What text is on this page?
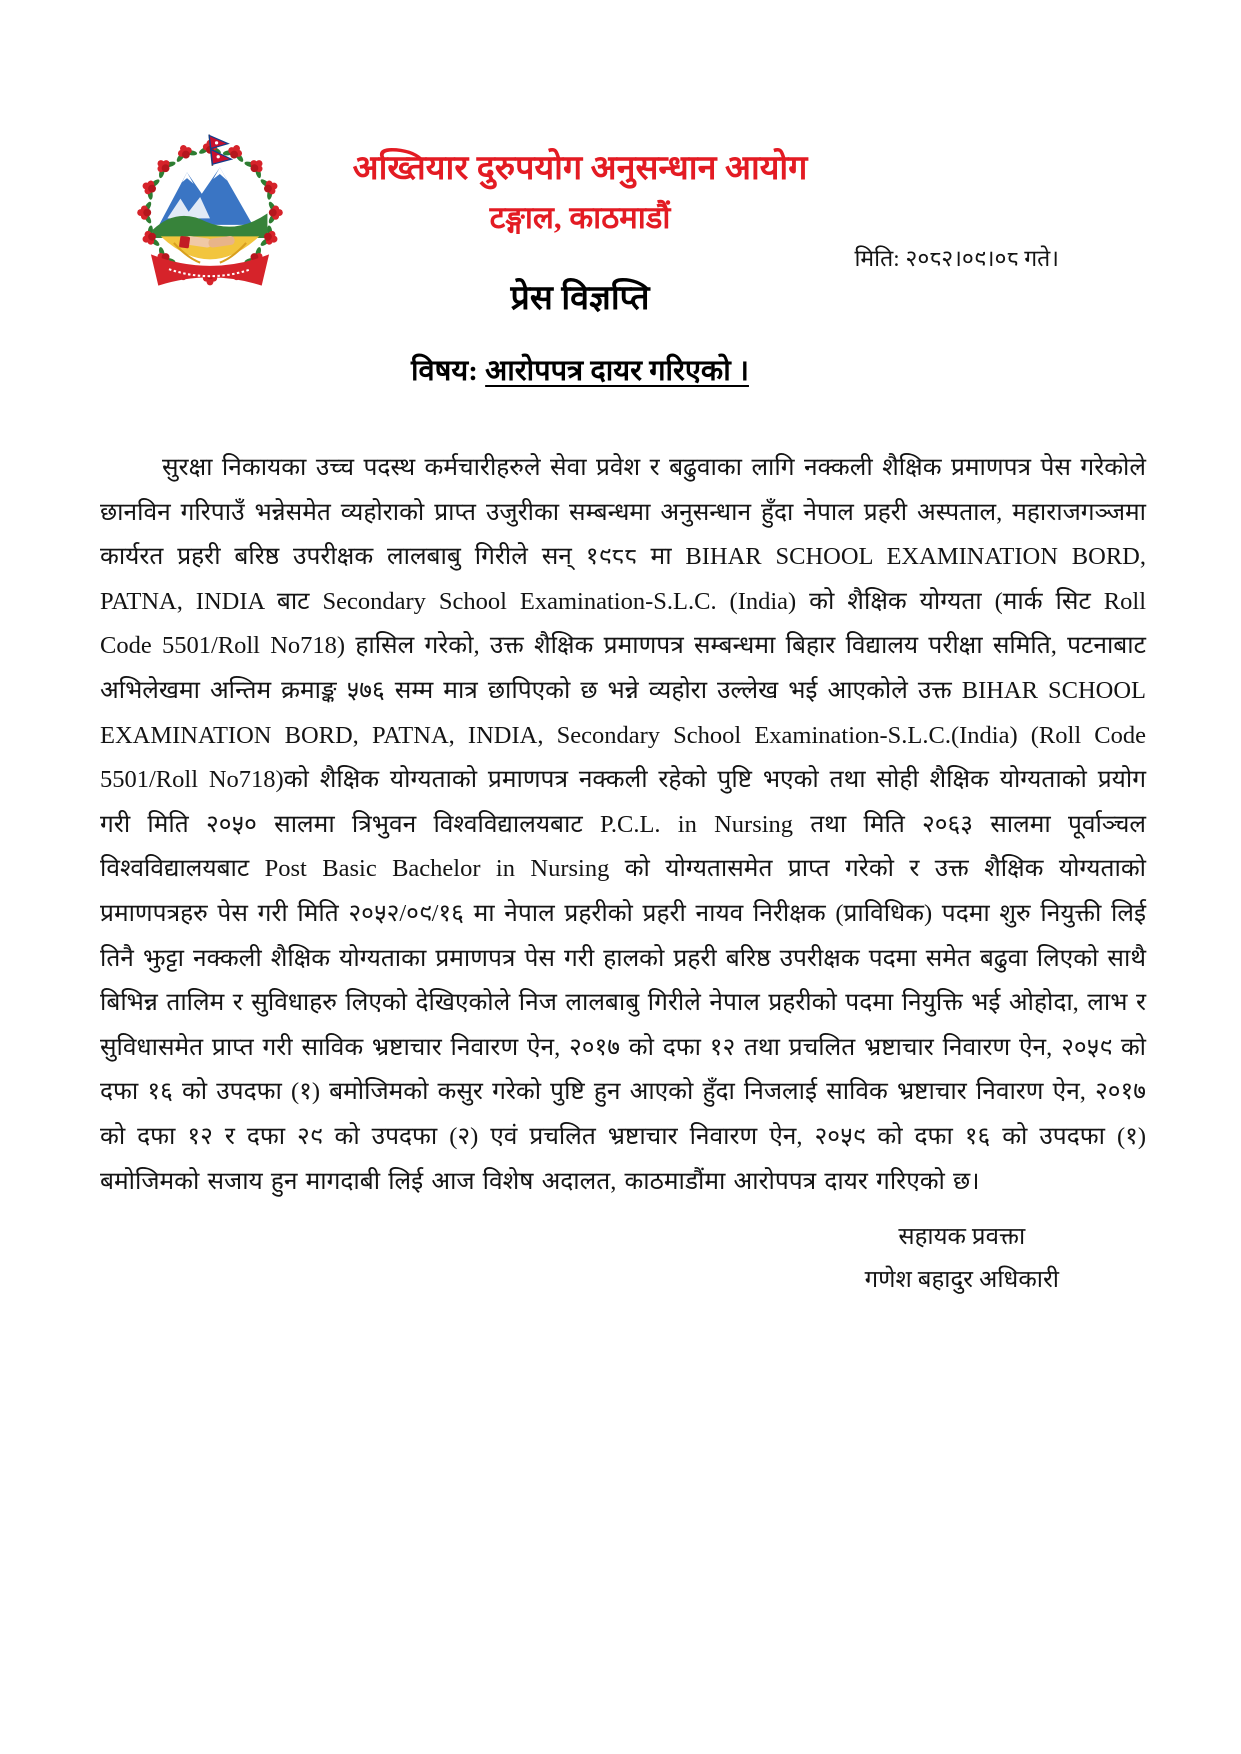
अख्तियार दुरुपयोग अनुसन्धान आयोग
टङ्गाल, काठमाडौं
मिति: २०८२।०९।०८ गते।
प्रेस विज्ञप्ति
विषय: आरोपपत्र दायर गरिएको ।

सुरक्षा निकायका उच्च पदस्थ कर्मचारीहरुले सेवा प्रवेश र बढुवाका लागि नक्कली शैक्षिक प्रमाणपत्र पेस गरेकोले छानविन गरिपाउँ भन्नेसमेत व्यहोराको प्राप्त उजुरीका सम्बन्धमा अनुसन्धान हुँदा नेपाल प्रहरी अस्पताल, महाराजगञ्जमा कार्यरत प्रहरी बरिष्ठ उपरीक्षक लालबाबु गिरीले सन् १९८८ मा BIHAR SCHOOL EXAMINATION BORD, PATNA, INDIA बाट Secondary School Examination-S.L.C. (India) को शैक्षिक योग्यता (मार्क सिट Roll Code 5501/Roll No718) हासिल गरेको, उक्त शैक्षिक प्रमाणपत्र सम्बन्धमा बिहार विद्यालय परीक्षा समिति, पटनाबाट अभिलेखमा अन्तिम क्रमाङ्क ५७६ सम्म मात्र छापिएको छ भन्ने व्यहोरा उल्लेख भई आएकोले उक्त BIHAR SCHOOL EXAMINATION BORD, PATNA, INDIA, Secondary School Examination-S.L.C.(India) (Roll Code 5501/Roll No718)को शैक्षिक योग्यताको प्रमाणपत्र नक्कली रहेको पुष्टि भएको तथा सोही शैक्षिक योग्यताको प्रयोग गरी मिति २०५० सालमा त्रिभुवन विश्वविद्यालयबाट P.C.L. in Nursing तथा मिति २०६३ सालमा पूर्वाञ्चल विश्वविद्यालयबाट Post Basic Bachelor in Nursing को योग्यतासमेत प्राप्त गरेको र उक्त शैक्षिक योग्यताको प्रमाणपत्रहरु पेस गरी मिति २०५२/०९/१६ मा नेपाल प्रहरीको प्रहरी नायव निरीक्षक (प्राविधिक) पदमा शुरु नियुक्ती लिई तिनै झुट्टा नक्कली शैक्षिक योग्यताका प्रमाणपत्र पेस गरी हालको प्रहरी बरिष्ठ उपरीक्षक पदमा समेत बढुवा लिएको साथै बिभिन्न तालिम र सुविधाहरु लिएको देखिएकोले निज लालबाबु गिरीले नेपाल प्रहरीको पदमा नियुक्ति भई ओहोदा, लाभ र सुविधासमेत प्राप्त गरी साविक भ्रष्टाचार निवारण ऐन, २०१७ को दफा १२ तथा प्रचलित भ्रष्टाचार निवारण ऐन, २०५९ को दफा १६ को उपदफा (१) बमोजिमको कसुर गरेको पुष्टि हुन आएको हुँदा निजलाई साविक भ्रष्टाचार निवारण ऐन, २०१७ को दफा १२ र दफा २९ को उपदफा (२) एवं प्रचलित भ्रष्टाचार निवारण ऐन, २०५९ को दफा १६ को उपदफा (१) बमोजिमको सजाय हुन मागदाबी लिई आज विशेष अदालत, काठमाडौंमा आरोपपत्र दायर गरिएको छ।

सहायक प्रवक्ता
गणेश बहादुर अधिकारी
